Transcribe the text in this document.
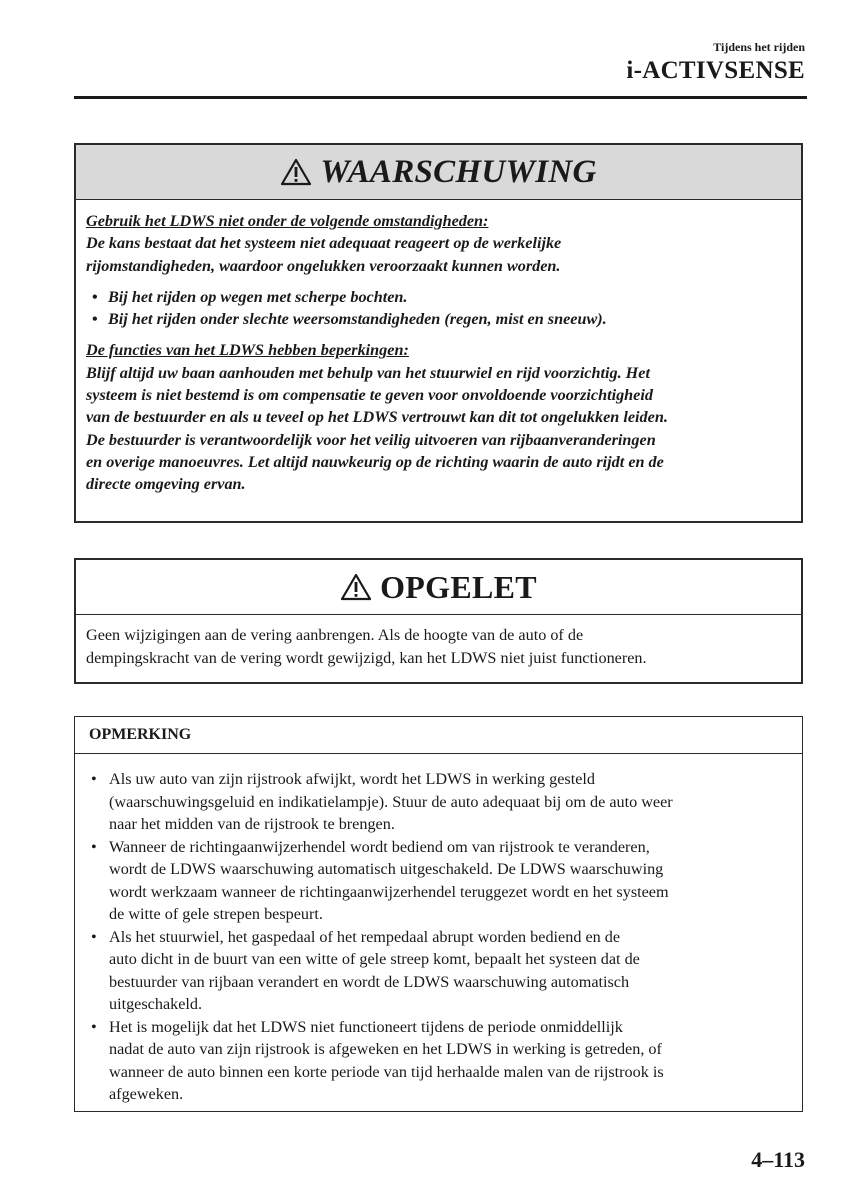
Tijdens het rijden
i-ACTIVSENSE
WAARSCHUWING
Gebruik het LDWS niet onder de volgende omstandigheden:
De kans bestaat dat het systeem niet adequaat reageert op de werkelijke
rijomstandigheden, waardoor ongelukken veroorzaakt kunnen worden.
• Bij het rijden op wegen met scherpe bochten.
• Bij het rijden onder slechte weersomstandigheden (regen, mist en sneeuw).
De functies van het LDWS hebben beperkingen:
Blijf altijd uw baan aanhouden met behulp van het stuurwiel en rijd voorzichtig. Het
systeem is niet bestemd is om compensatie te geven voor onvoldoende voorzichtigheid
van de bestuurder en als u teveel op het LDWS vertrouwt kan dit tot ongelukken leiden.
De bestuurder is verantwoordelijk voor het veilig uitvoeren van rijbaanveranderingen
en overige manoeuvres. Let altijd nauwkeurig op de richting waarin de auto rijdt en de
directe omgeving ervan.
OPGELET
Geen wijzigingen aan de vering aanbrengen. Als de hoogte van de auto of de
dempingskracht van de vering wordt gewijzigd, kan het LDWS niet juist functioneren.
OPMERKING
• Als uw auto van zijn rijstrook afwijkt, wordt het LDWS in werking gesteld
(waarschuwingsgeluid en indikatielampje). Stuur de auto adequaat bij om de auto weer
naar het midden van de rijstrook te brengen.
• Wanneer de richtingaanwijzerhendel wordt bediend om van rijstrook te veranderen,
wordt de LDWS waarschuwing automatisch uitgeschakeld. De LDWS waarschuwing
wordt werkzaam wanneer de richtingaanwijzerhendel teruggezet wordt en het systeem
de witte of gele strepen bespeurt.
• Als het stuurwiel, het gaspedaal of het rempedaal abrupt worden bediend en de
auto dicht in de buurt van een witte of gele streep komt, bepaalt het systeen dat de
bestuurder van rijbaan verandert en wordt de LDWS waarschuwing automatisch
uitgeschakeld.
• Het is mogelijk dat het LDWS niet functioneert tijdens de periode onmiddellijk
nadat de auto van zijn rijstrook is afgeweken en het LDWS in werking is getreden, of
wanneer de auto binnen een korte periode van tijd herhaalde malen van de rijstrook is
afgeweken.
4–113
